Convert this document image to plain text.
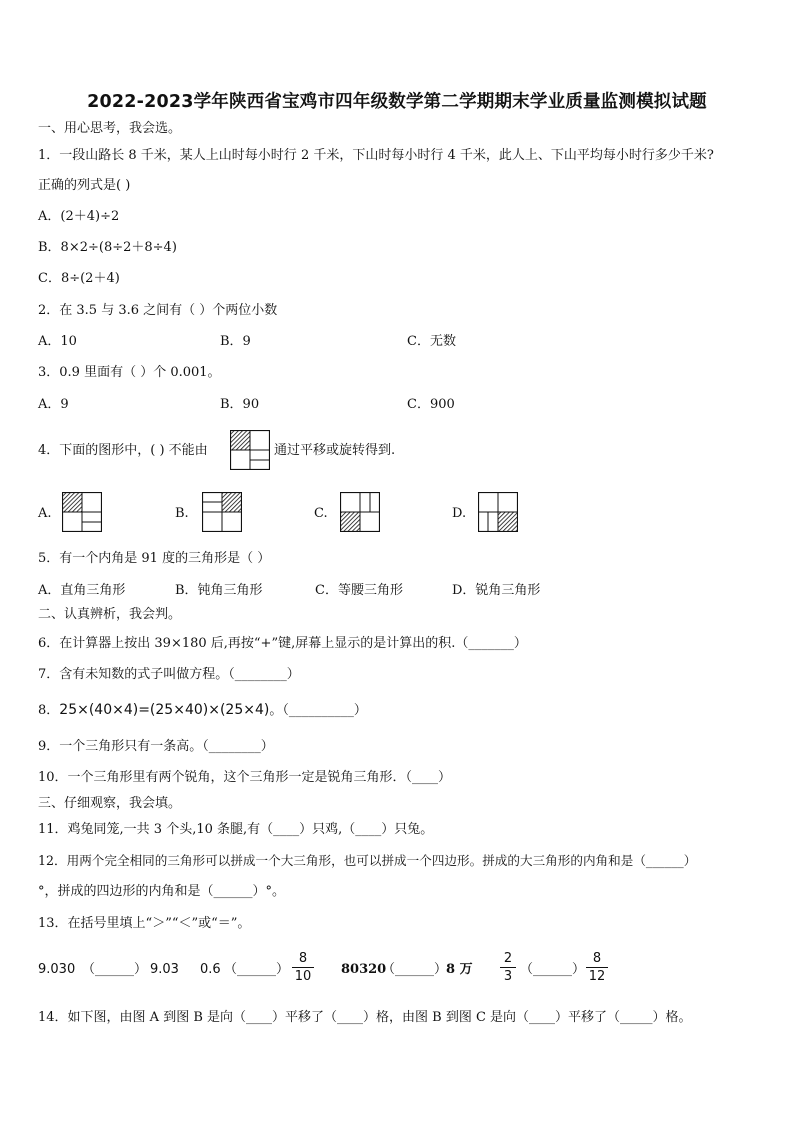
2022-2023学年陕西省宝鸡市四年级数学第二学期期末学业质量监测模拟试题
一、用心思考，我会选。
1．一段山路长 8 千米，某人上山时每小时行 2 千米，下山时每小时行 4 千米，此人上、下山平均每小时行多少千米?
正确的列式是( )
A．(2＋4)÷2
B．8×2÷(8÷2＋8÷4)
C．8÷(2＋4)
2．在 3.5 与 3.6 之间有（ ）个两位小数
A．10	B．9	C．无数
3．0.9 里面有（ ）个 0.001。
A．9	B．90	C．900
4．下面的图形中，( ) 不能由	通过平移或旋转得到.
A.	B.	C.	D.
5．有一个内角是 91 度的三角形是（ ）
A．直角三角形	B．钝角三角形	C．等腰三角形	D．锐角三角形
二、认真辨析，我会判。
6．在计算器上按出 39×180 后,再按“+”键,屏幕上显示的是计算出的积.（_______）
7．含有未知数的式子叫做方程。（________）
8．25×(40×4)=(25×40)×(25×4)。（__________）
9．一个三角形只有一条高。（________）
10．一个三角形里有两个锐角，这个三角形一定是锐角三角形．（____）
三、仔细观察，我会填。
11．鸡兔同笼,一共 3 个头,10 条腿,有（____）只鸡,（____）只兔。
12．用两个完全相同的三角形可以拼成一个大三角形，也可以拼成一个四边形。拼成的大三角形的内角和是（______）
°，拼成的四边形的内角和是（______）°。
13．在括号里填上“＞”“＜”或“＝”。
9.030 （______） 9.03 0.6 （______）
8
10 80320
（______）
8 万
2
3 （______）
8
12
14．如下图，由图 A 到图 B 是向（____）平移了（____）格，由图 B 到图 C 是向（____）平移了（_____）格。
